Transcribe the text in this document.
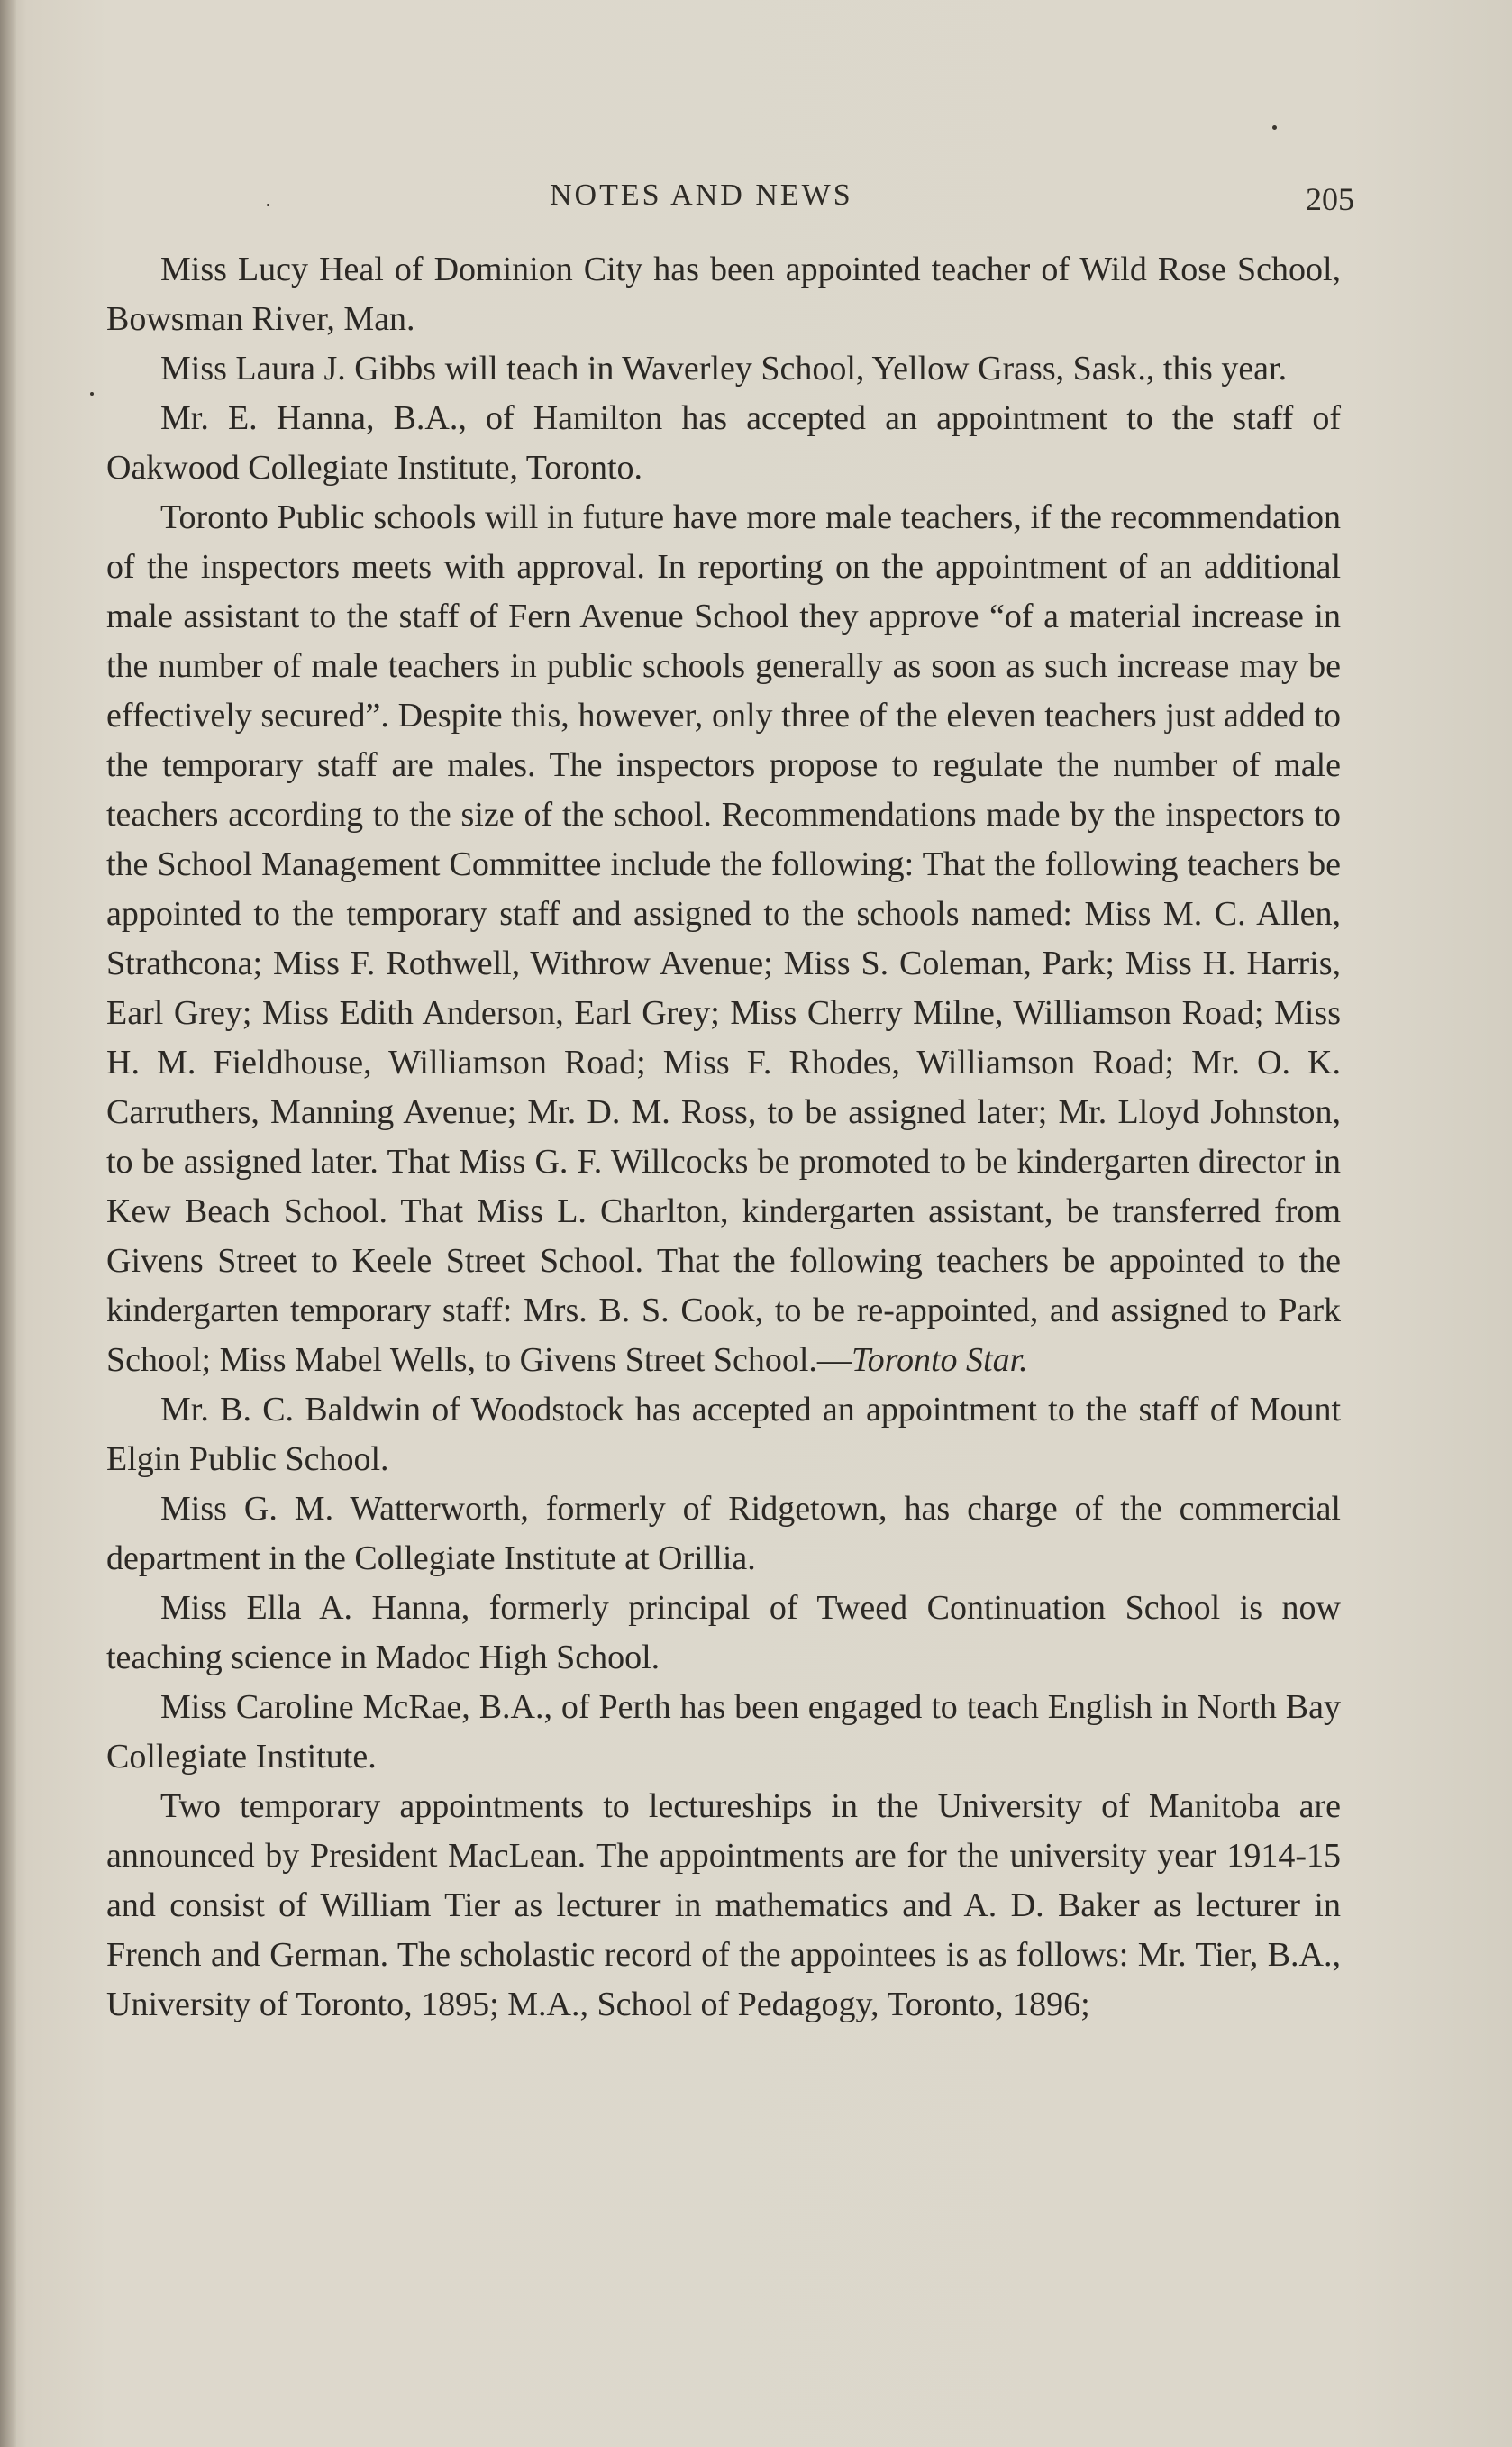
NOTES AND NEWS	205

Miss Lucy Heal of Dominion City has been appointed teacher of Wild Rose School, Bowsman River, Man.

Miss Laura J. Gibbs will teach in Waverley School, Yellow Grass, Sask., this year.

Mr. E. Hanna, B.A., of Hamilton has accepted an appointment to the staff of Oakwood Collegiate Institute, Toronto.

Toronto Public schools will in future have more male teachers, if the recommendation of the inspectors meets with approval. In reporting on the appointment of an additional male assistant to the staff of Fern Avenue School they approve “of a material increase in the number of male teachers in public schools generally as soon as such increase may be effectively secured”. Despite this, however, only three of the eleven teachers just added to the temporary staff are males. The inspectors propose to regulate the number of male teachers according to the size of the school. Recommendations made by the inspectors to the School Management Committee include the following: That the following teachers be appointed to the temporary staff and assigned to the schools named: Miss M. C. Allen, Strathcona; Miss F. Rothwell, Withrow Avenue; Miss S. Coleman, Park; Miss H. Harris, Earl Grey; Miss Edith Anderson, Earl Grey; Miss Cherry Milne, Williamson Road; Miss H. M. Fieldhouse, Williamson Road; Miss F. Rhodes, Williamson Road; Mr. O. K. Carruthers, Manning Avenue; Mr. D. M. Ross, to be assigned later; Mr. Lloyd Johnston, to be assigned later. That Miss G. F. Willcocks be promoted to be kindergarten director in Kew Beach School. That Miss L. Charlton, kindergarten assistant, be transferred from Givens Street to Keele Street School. That the following teachers be appointed to the kindergarten temporary staff: Mrs. B. S. Cook, to be re-appointed, and assigned to Park School; Miss Mabel Wells, to Givens Street School.—Toronto Star.

Mr. B. C. Baldwin of Woodstock has accepted an appointment to the staff of Mount Elgin Public School.

Miss G. M. Watterworth, formerly of Ridgetown, has charge of the commercial department in the Collegiate Institute at Orillia.

Miss Ella A. Hanna, formerly principal of Tweed Continuation School is now teaching science in Madoc High School.

Miss Caroline McRae, B.A., of Perth has been engaged to teach English in North Bay Collegiate Institute.

Two temporary appointments to lectureships in the University of Manitoba are announced by President MacLean. The appointments are for the university year 1914-15 and consist of William Tier as lecturer in mathematics and A. D. Baker as lecturer in French and German. The scholastic record of the appointees is as follows: Mr. Tier, B.A., University of Toronto, 1895; M.A., School of Pedagogy, Toronto, 1896;
